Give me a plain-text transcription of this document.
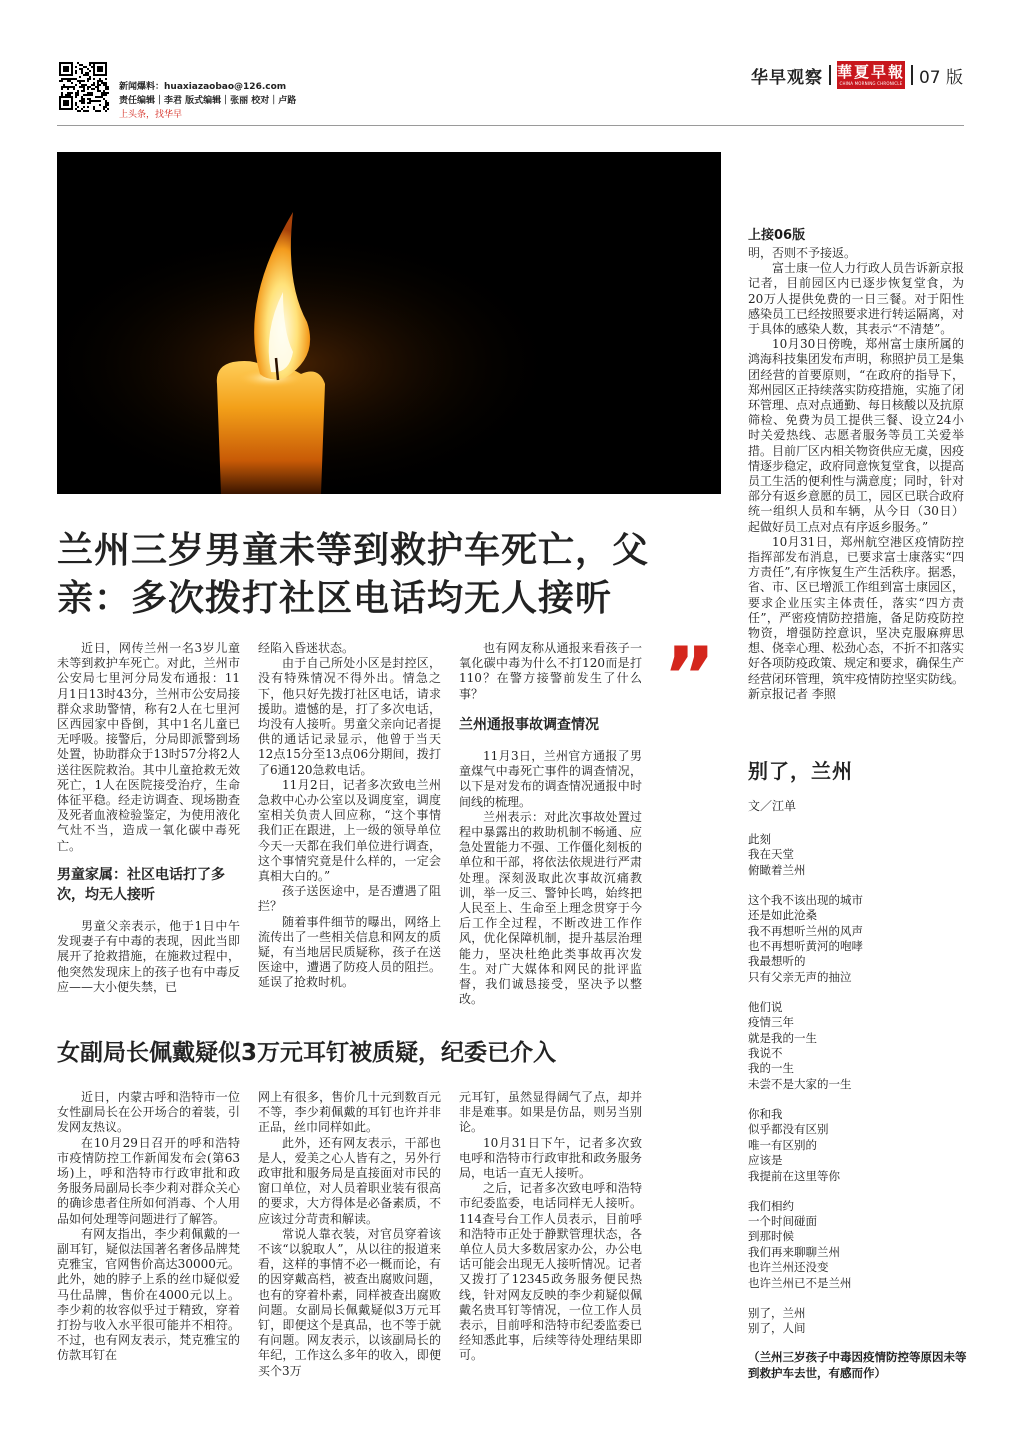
新闻爆料：huaxiazaobao@126.com
责任编辑｜李君 版式编辑｜张丽 校对｜卢路
上头条，找华早
华早观察 華夏早報
CHINA MORNING CHRONICLE 07 版
兰州三岁男童未等到救护车死亡，父亲：多次拨打社区电话均无人接听

近日，网传兰州一名3岁儿童未等到救护车死亡。对此，兰州市公安局七里河分局发布通报：11月1日13时43分，兰州市公安局接群众求助警情，称有2人在七里河区西园家中昏倒，其中1名儿童已无呼吸。接警后，分局即派警到场处置，协助群众于13时57分将2人送往医院救治。其中儿童抢救无效死亡，1人在医院接受治疗，生命体征平稳。经走访调查、现场勘查及死者血液检验鉴定，为使用液化气灶不当，造成一氧化碳中毒死亡。

男童家属：社区电话打了多次，均无人接听

男童父亲表示，他于1日中午发现妻子有中毒的表现，因此当即展开了抢救措施，在施救过程中，他突然发现床上的孩子也有中毒反应——大小便失禁，已

经陷入昏迷状态。

由于自己所处小区是封控区，没有特殊情况不得外出。情急之下，他只好先拨打社区电话，请求援助。遗憾的是，打了多次电话，均没有人接听。男童父亲向记者提供的通话记录显示，他曾于当天12点15分至13点06分期间，拨打了6通120急救电话。

11月2日，记者多次致电兰州急救中心办公室以及调度室，调度室相关负责人回应称，“这个事情我们正在跟进，上一级的领导单位今天一天都在我们单位进行调查，这个事情究竟是什么样的，一定会真相大白的。”

孩子送医途中，是否遭遇了阻拦？

随着事件细节的曝出，网络上流传出了一些相关信息和网友的质疑，有当地居民质疑称，孩子在送医途中，遭遇了防疫人员的阻拦。延误了抢救时机。

也有网友称从通报来看孩子一氧化碳中毒为什么不打120而是打110？在警方接警前发生了什么事？

兰州通报事故调查情况

11月3日，兰州官方通报了男童煤气中毒死亡事件的调查情况，以下是对发布的调查情况通报中时间线的梳理。

兰州表示：对此次事故处置过程中暴露出的救助机制不畅通、应急处置能力不强、工作僵化刻板的单位和干部，将依法依规进行严肃处理。深刻汲取此次事故沉痛教训，举一反三、警钟长鸣，始终把人民至上、生命至上理念贯穿于今后工作全过程，不断改进工作作风，优化保障机制，提升基层治理能力，坚决杜绝此类事故再次发生。对广大媒体和网民的批评监督，我们诚恳接受，坚决予以整改。

”
女副局长佩戴疑似3万元耳钉被质疑，纪委已介入

近日，内蒙古呼和浩特市一位女性副局长在公开场合的着装，引发网友热议。

在10月29日召开的呼和浩特市疫情防控工作新闻发布会(第63场)上，呼和浩特市行政审批和政务服务局副局长李少莉对群众关心的确诊患者住所如何消毒、个人用品如何处理等问题进行了解答。

有网友指出，李少莉佩戴的一副耳钉，疑似法国著名奢侈品牌梵克雅宝，官网售价高达30000元。此外，她的脖子上系的丝巾疑似爱马仕品牌，售价在4000元以上。李少莉的妆容似乎过于精致，穿着打扮与收入水平很可能并不相符。不过，也有网友表示，梵克雅宝的仿款耳钉在

网上有很多，售价几十元到数百元不等，李少莉佩戴的耳钉也许并非正品，丝巾同样如此。

此外，还有网友表示，干部也是人，爱美之心人皆有之，另外行政审批和服务局是直接面对市民的窗口单位，对人员着职业装有很高的要求，大方得体是必备素质，不应该过分苛责和解读。

常说人靠衣装，对官员穿着该不该“以貌取人”，从以往的报道来看，这样的事情不必一概而论，有的因穿戴高档，被查出腐败问题，也有的穿着朴素，同样被查出腐败问题。女副局长佩戴疑似3万元耳钉，即便这个是真品，也不等于就有问题。网友表示，以该副局长的年纪，工作这么多年的收入，即便买个3万

元耳钉，虽然显得阔气了点，却并非是难事。如果是仿品，则另当别论。

10月31日下午，记者多次致电呼和浩特市行政审批和政务服务局，电话一直无人接听。

之后，记者多次致电呼和浩特市纪委监委，电话同样无人接听。114查号台工作人员表示，目前呼和浩特市正处于静默管理状态，各单位人员大多数居家办公，办公电话可能会出现无人接听情况。记者又拨打了12345政务服务便民热线，针对网友反映的李少莉疑似佩戴名贵耳钉等情况，一位工作人员表示，目前呼和浩特市纪委监委已经知悉此事，后续等待处理结果即可。

上接06版

明，否则不予接返。

富士康一位人力行政人员告诉新京报记者，目前园区内已逐步恢复堂食，为20万人提供免费的一日三餐。对于阳性感染员工已经按照要求进行转运隔离，对于具体的感染人数，其表示“不清楚”。

10月30日傍晚，郑州富士康所属的鸿海科技集团发布声明，称照护员工是集团经营的首要原则，“在政府的指导下，郑州园区正持续落实防疫措施，实施了闭环管理、点对点通勤、每日核酸以及抗原筛检、免费为员工提供三餐、设立24小时关爱热线、志愿者服务等员工关爱举措。目前厂区内相关物资供应无虞，因疫情逐步稳定，政府同意恢复堂食，以提高员工生活的便利性与满意度；同时，针对部分有返乡意愿的员工，园区已联合政府统一组织人员和车辆，从今日（30日）起做好员工点对点有序返乡服务。”

10月31日，郑州航空港区疫情防控指挥部发布消息，已要求富士康落实“四方责任”,有序恢复生产生活秩序。据悉，省、市、区已增派工作组到富士康园区，要求企业压实主体责任，落实“四方责任”，严密疫情防控措施，备足防疫防控物资，增强防控意识，坚决克服麻痹思想、侥幸心理、松劲心态，不折不扣落实好各项防疫政策、规定和要求，确保生产经营闭环管理，筑牢疫情防控坚实防线。新京报记者 李照

别了，兰州
文／江单
此刻
我在天堂
俯瞰着兰州
这个我不该出现的城市
还是如此沧桑
我不再想听兰州的风声
也不再想听黄河的咆哮
我最想听的
只有父亲无声的抽泣
他们说
疫情三年
就是我的一生
我说不
我的一生
未尝不是大家的一生
你和我
似乎都没有区别
唯一有区别的
应该是
我提前在这里等你
我们相约
一个时间碰面
到那时候
我们再来聊聊兰州
也许兰州还没变
也许兰州已不是兰州
别了，兰州
别了，人间
（兰州三岁孩子中毒因疫情防控等原因未等到救护车去世，有感而作）
